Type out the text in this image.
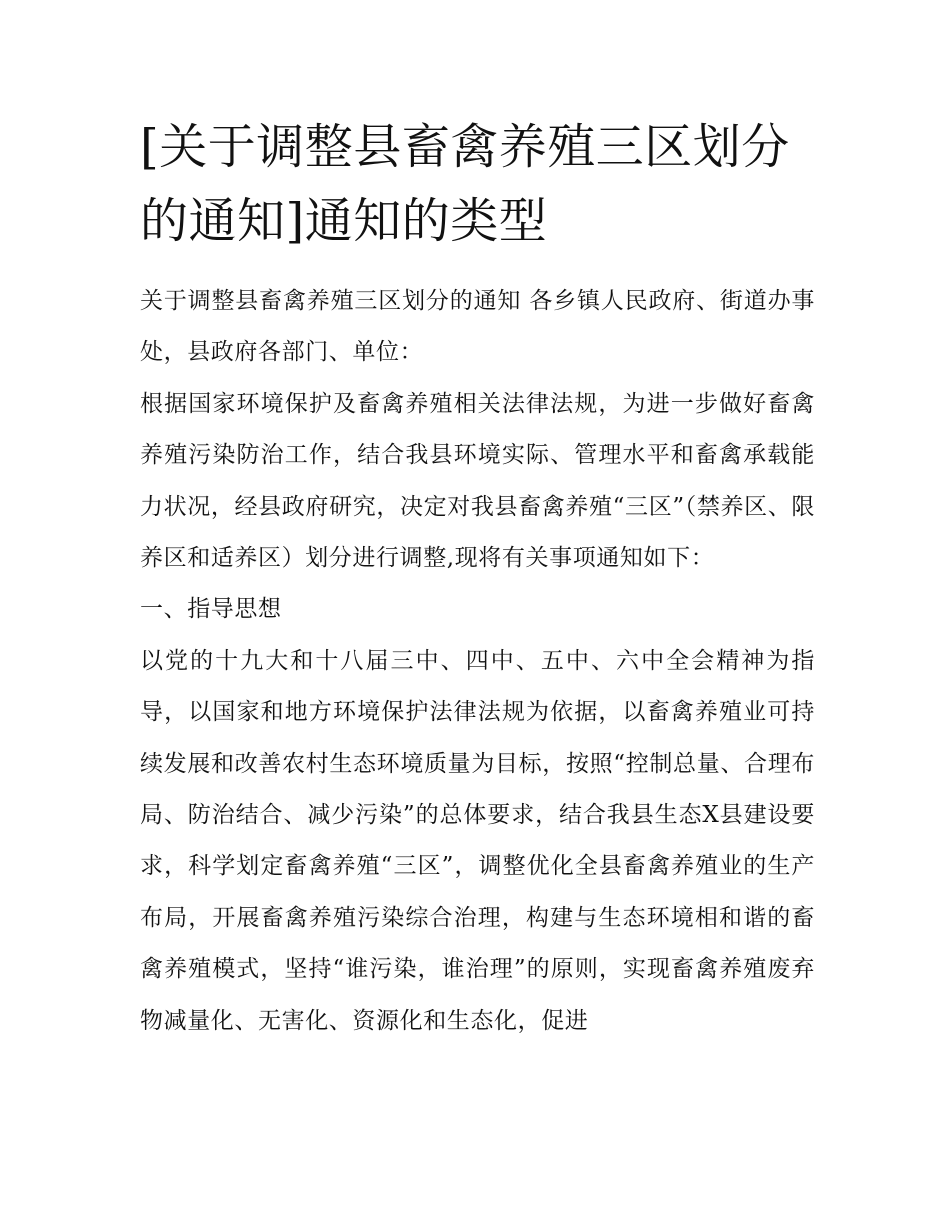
[关于调整县畜禽养殖三区划分的通知]通知的类型

关于调整县畜禽养殖三区划分的通知 各乡镇人民政府、街道办事处，县政府各部门、单位：

根据国家环境保护及畜禽养殖相关法律法规，为进一步做好畜禽养殖污染防治工作，结合我县环境实际、管理水平和畜禽承载能力状况，经县政府研究，决定对我县畜禽养殖“三区”（禁养区、限养区和适养区）划分进行调整,现将有关事项通知如下：

一、指导思想

以党的十九大和十八届三中、四中、五中、六中全会精神为指导，以国家和地方环境保护法律法规为依据，以畜禽养殖业可持续发展和改善农村生态环境质量为目标，按照“控制总量、合理布局、防治结合、减少污染”的总体要求，结合我县生态X县建设要求，科学划定畜禽养殖“三区”，调整优化全县畜禽养殖业的生产布局，开展畜禽养殖污染综合治理，构建与生态环境相和谐的畜禽养殖模式，坚持“谁污染，谁治理”的原则，实现畜禽养殖废弃物减量化、无害化、资源化和生态化，促进
